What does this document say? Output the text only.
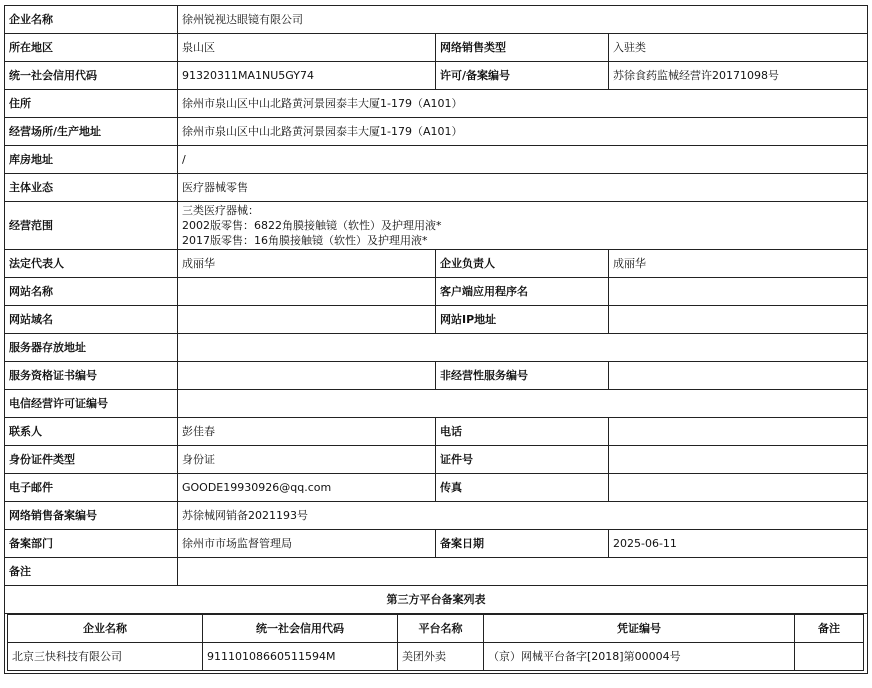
企业名称	徐州锐视达眼镜有限公司
所在地区	泉山区	网络销售类型	入驻类
统一社会信用代码	91320311MA1NU5GY74	许可/备案编号	苏徐食药监械经营许20171098号
住所	徐州市泉山区中山北路黄河景园泰丰大厦1-179（A101）
经营场所/生产地址	徐州市泉山区中山北路黄河景园泰丰大厦1-179（A101）
库房地址	/
主体业态	医疗器械零售
经营范围	
三类医疗器械：
2002版零售：6822角膜接触镜（软性）及护理用液*
2017版零售：16角膜接触镜（软性）及护理用液*

法定代表人	成丽华	企业负责人	成丽华
网站名称		客户端应用程序名	
网站域名		网站IP地址	
服务器存放地址	
服务资格证书编号		非经营性服务编号	
电信经营许可证编号	
联系人	彭佳春	电话	
身份证件类型	身份证	证件号	
电子邮件	GOODE19930926@qq.com	传真	
网络销售备案编号	苏徐械网销备2021193号
备案部门	徐州市市场监督管理局	备案日期	2025-06-11
备注	
第三方平台备案列表

企业名称	统一社会信用代码	平台名称	凭证编号	备注
北京三快科技有限公司	91110108660511594M	美团外卖	（京）网械平台备字[2018]第00004号	
